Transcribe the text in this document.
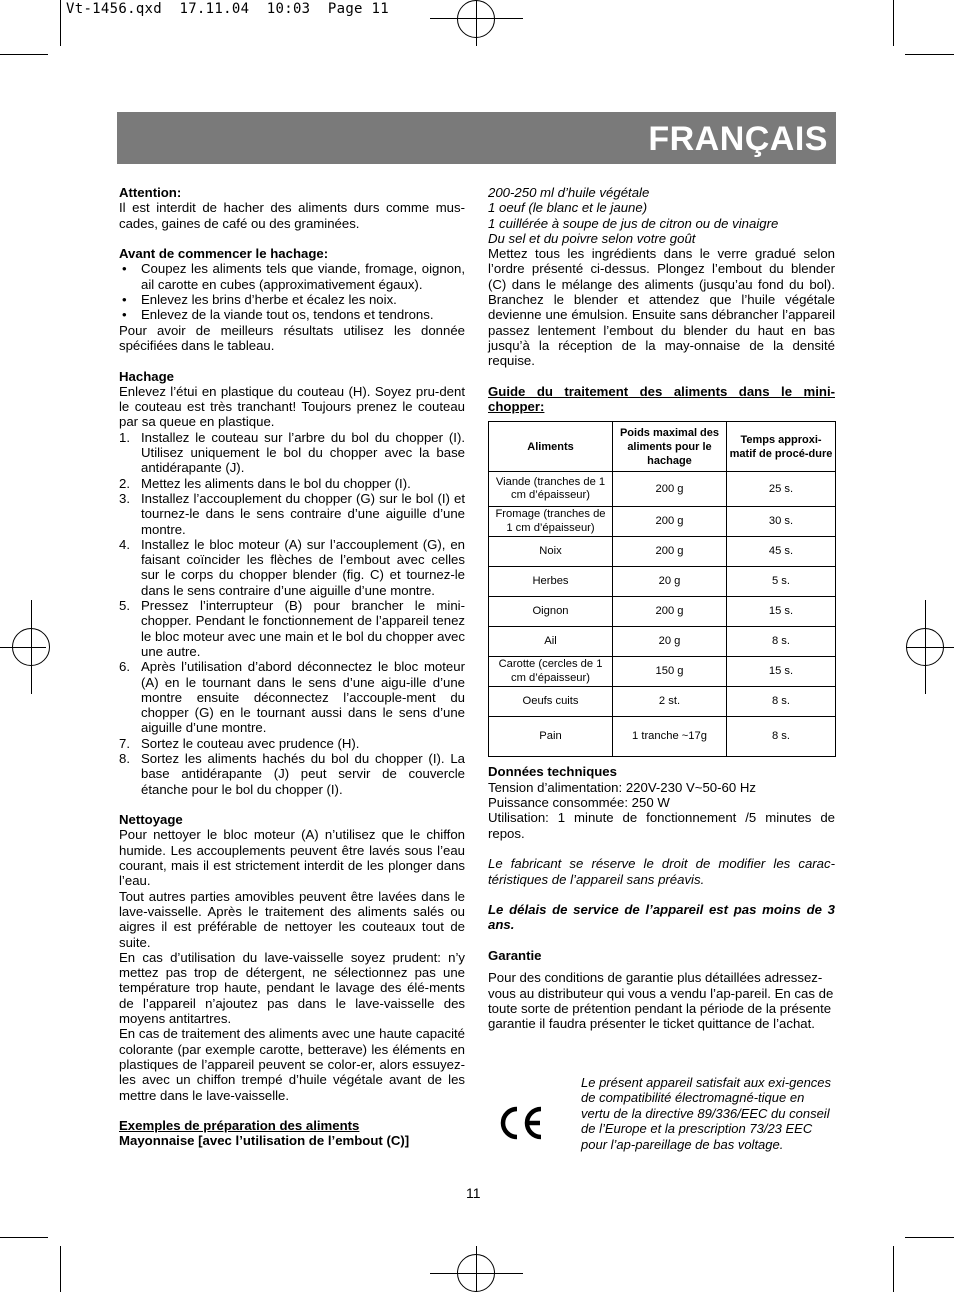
Vt-1456.qxd  17.11.04  10:03  Page 11
FRANÇAIS

Attention:

Il est interdit de hacher des aliments durs comme mus-cades, gaines de café ou des graminées.

Avant de commencer le hachage:

• Coupez les aliments tels que viande, fromage, oignon, ail carotte en cubes (approximativement égaux).
• Enlevez les brins d’herbe et écalez les noix.
• Enlevez de la viande tout os, tendons et tendrons.

Pour avoir de meilleurs résultats utilisez les donnée spécifiées dans le tableau.

Hachage

Enlevez l’étui en plastique du couteau (H). Soyez pru-dent le couteau est très tranchant! Toujours prenez le couteau par sa queue en plastique.

1. Installez le couteau sur l’arbre du bol du chopper (I). Utilisez uniquement le bol du chopper avec la base antidérapante (J).
2. Mettez les aliments dans le bol du chopper (I).
3. Installez l’accouplement du chopper (G) sur le bol (I) et tournez-le dans le sens contraire d’une aiguille d’une montre.
4. Installez le bloc moteur (A) sur l’accouplement (G), en faisant coïncider les flèches de l’embout avec celles sur le corps du chopper blender (fig. C) et tournez-le dans le sens contraire d’une aiguille d’une montre.
5. Pressez l’interrupteur (B) pour brancher le mini-chopper. Pendant le fonctionnement de l’appareil tenez le bloc moteur avec une main et le bol du chopper avec une autre.
6. Après l’utilisation d’abord déconnectez le bloc moteur (A) en le tournant dans le sens d’une aigu-ille d’une montre ensuite déconnectez l’accouple-ment du chopper (G) en le tournant aussi dans le sens d’une aiguille d’une montre.
7. Sortez le couteau avec prudence (H).
8. Sortez les aliments hachés du bol du chopper (I). La base antidérapante (J) peut servir de couvercle étanche pour le bol du chopper (I).

Nettoyage

Pour nettoyer le bloc moteur (A) n’utilisez que le chiffon humide. Les accouplements peuvent être lavés sous l’eau courant, mais il est strictement interdit de les plonger dans l’eau.

Tout autres parties amovibles peuvent être lavées dans le lave-vaisselle. Après le traitement des aliments salés ou aigres il est préférable de nettoyer les couteaux tout de suite.

En cas d’utilisation du lave-vaisselle soyez prudent: n’y mettez pas trop de détergent, ne sélectionnez pas une température trop haute, pendant le lavage des élé-ments de l’appareil n’ajoutez pas dans le lave-vaisselle des moyens antitartres.

En cas de traitement des aliments avec une haute capacité colorante (par exemple carotte, betterave) les éléments en plastiques de l’appareil peuvent se color-er, alors essuyez-les avec un chiffon trempé d’huile végétale avant de les mettre dans le lave-vaisselle.

Exemples de préparation des aliments

Mayonnaise [avec l’utilisation de l’embout (C)]

200-250 ml d’huile végétale

1 oeuf (le blanc et le jaune)

1 cuillérée à soupe de jus de citron ou de vinaigre

Du sel et du poivre selon votre goût

Mettez tous les ingrédients dans le verre gradué selon l’ordre présenté ci-dessus. Plongez l’embout du blender (C) dans le mélange des aliments (jusqu’au fond du bol). Branchez le blender et attendez que l’huile végétale devienne une émulsion. Ensuite sans débrancher l’appareil passez lentement l’embout du blender du haut en bas jusqu’à la réception de la may-onnaise de la densité requise.

Guide du traitement des aliments dans le mini-chopper:

Aliments	Poids maximal des aliments pour le hachage	Temps approxi-matif de procé-dure
Viande (tranches de 1 cm d’épaisseur)	200 g	25 s.
Fromage (tranches de 1 cm d’épaisseur)	200 g	30 s.
Noix	200 g	45 s.
Herbes	20 g	5 s.
Oignon	200 g	15 s.
Ail	20 g	8 s.
Carotte (cercles de 1 cm d’épaisseur)	150 g	15 s.
Oeufs cuits	2 st.	8 s.
Pain	1 tranche ~17g	8 s.

Données techniques

Tension d’alimentation: 220V-230 V~50-60 Hz

Puissance consommée: 250 W

Utilisation: 1 minute de fonctionnement /5 minutes de repos.

Le fabricant se réserve le droit de modifier les carac-téristiques de l’appareil sans préavis.

Le délais de service de l’appareil est pas moins de 3 ans.

Garantie

Pour des conditions de garantie plus détaillées adressez-vous au distributeur qui vous a vendu l’ap-pareil. En cas de toute sorte de prétention pendant la période de la présente garantie il faudra présenter le ticket quittance de l’achat.

Le présent appareil satisfait aux exi-gences de compatibilité électromagné-tique en vertu de la directive 89/336/EEC du conseil de l’Europe et la prescription 73/23 EEC pour l’ap-pareillage de bas voltage.
11
